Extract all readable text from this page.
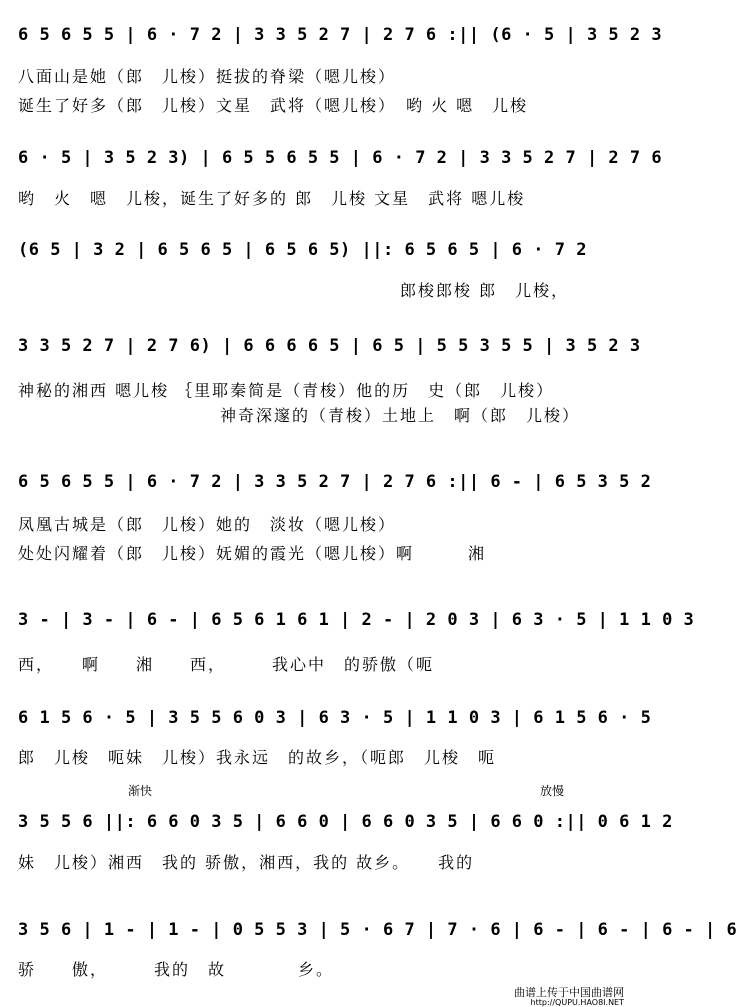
6 5 6 5 5 | 6 · 7 2 | 3 3 5 2 7 | 2 7 6 :|| (6 · 5 | 3 5 2 3
八面山是她（郎　儿梭）挺拔的脊梁（嗯儿梭）
诞生了好多（郎　儿梭）文星　武将（嗯儿梭）　哟 火 嗯　儿梭
6 · 5 | 3 5 2 3) | 6 5 5 6 5 5 | 6 · 7 2 | 3 3 5 2 7 | 2 7 6
哟　火　嗯　儿梭，诞生了好多的 郎　儿梭 文星　武将 嗯儿梭
(6 5 | 3 2 | 6 5 6 5 | 6 5 6 5) ||: 6 5 6 5 | 6 · 7 2
郎梭郎梭 郎　儿梭，
3 3 5 2 7 | 2 7 6) | 6 6 6 6 5 | 6 5 | 5 5 3 5 5 | 3 5 2 3
神秘的湘西 嗯儿梭 ｛里耶秦简是（青梭）他的历　史（郎　儿梭）
神奇深邃的（青梭）土地上　啊（郎　儿梭）
6 5 6 5 5 | 6 · 7 2 | 3 3 5 2 7 | 2 7 6 :|| 6 - | 6 5 3 5 2
凤凰古城是（郎　儿梭）她的　淡妆（嗯儿梭）
处处闪耀着（郎　儿梭）妩媚的霞光（嗯儿梭）啊　　　湘
3 - | 3 - | 6 - | 6 5 6 1 6 1 | 2 - | 2 0 3 | 6 3 · 5 | 1 1 0 3
西，　　啊　　湘　　西，　　　我心中　的骄傲（呃
6 1 5 6 · 5 | 3 5 5 6 0 3 | 6 3 · 5 | 1 1 0 3 | 6 1 5 6 · 5
郎　儿梭　呃妹　儿梭）我永远　的故乡，（呃郎　儿梭　呃
渐快	放慢
3 5 5 6 ||: 6 6 0 3 5 | 6 6 0 | 6 6 0 3 5 | 6 6 0 :|| 0 6 1 2
妹　儿梭）湘西　我的 骄傲，湘西，我的 故乡。　　我的
3 5 6 | 1 - | 1 - | 0 5 5 3 | 5 · 6 7 | 7 · 6 | 6 - | 6 - | 6 - | 6
骄　　傲，　　　我的　故　　　　乡。
曲谱上传于中国曲谱网
http://QUPU.HAO8I.NET
